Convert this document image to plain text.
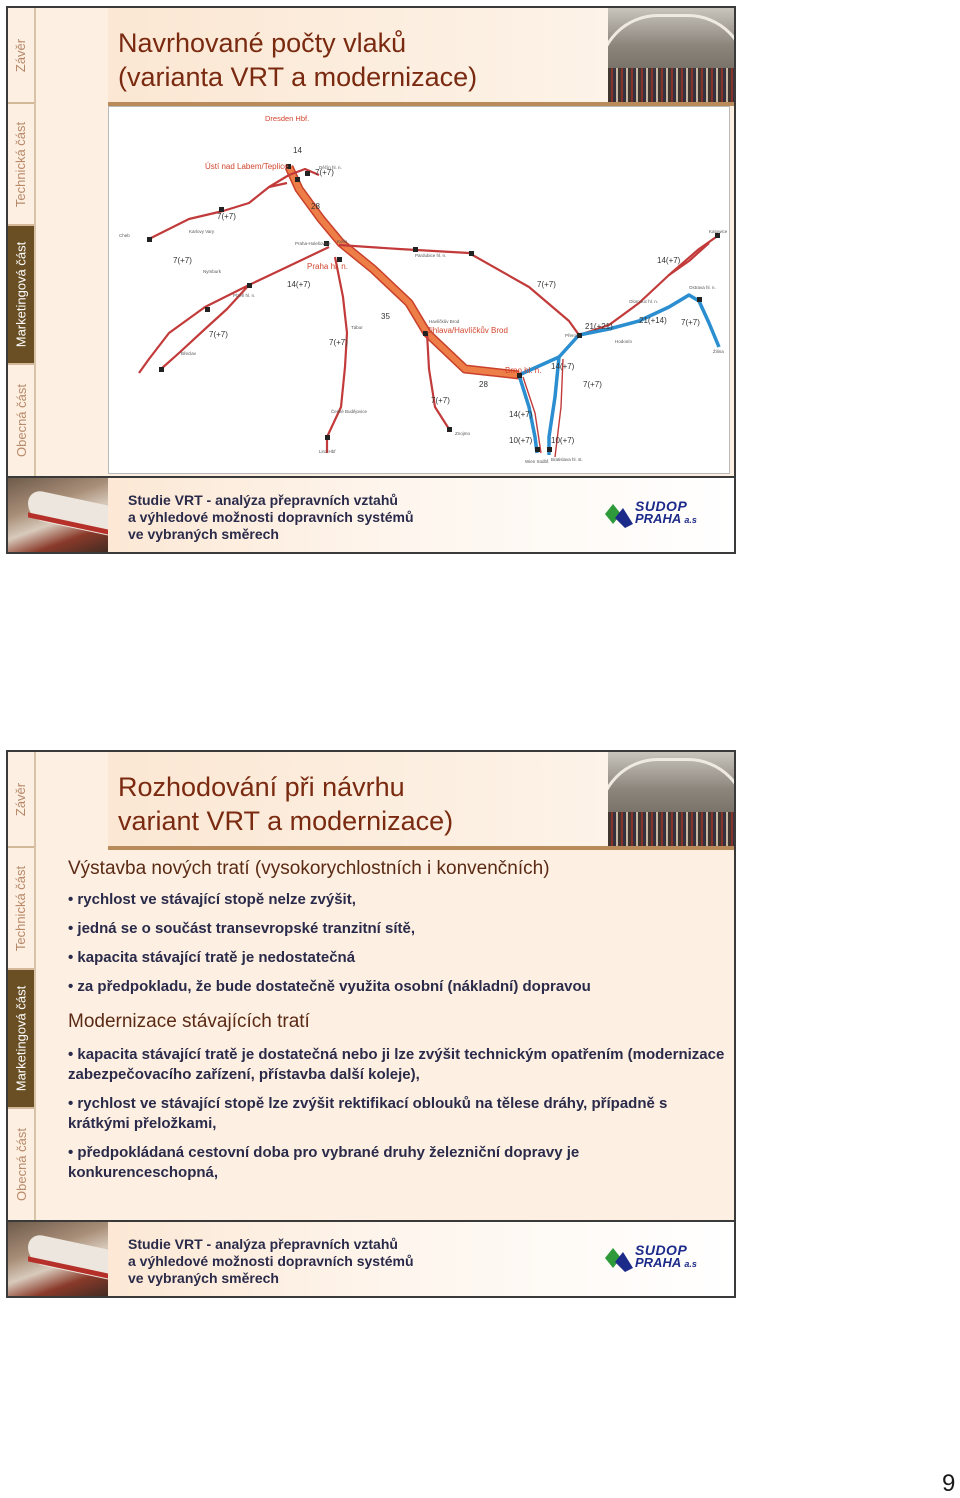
Obecná část
Marketingová část
Technická část
Závěr	Navrhované počty vlaků
(varianta VRT a modernizace)
Dresden Hbf.
Ústí nad Labem/Teplice
Praha hl. n.
Jihlava/Havlíčkův Brod
Brno hl. n.
Pardubice hl. n.
Olomouc hl. n.
Přerov
Ostrava hl. n.
Děčín hl. n.
Plzeň hl. n.
Cheb
Karlovy Vary
Havlíčkův Brod
České Budějovice
Wien Südbf. Bratislava hl. st.
Katowice
Žilina
Tábor
Linz Hbf
Znojmo
Praha-Holešovice Kolín
Nymburk
Hodonín
Břeclav
14
7(+7)
28
7(+7)
7(+7)
14(+7)
7(+7)
7(+7)
35
7(+7)
28
7(+7)
14(+7)
14(+7)
10(+7) 10(+7)
7(+7)
21(+21)
21(+14)
14(+7)
7(+7)
Studie VRT - analýza přepravních vztahů
a výhledové možnosti dopravních systémů
ve vybraných směrech
SUDOP
PRAHA a.s
Obecná část
Marketingová část
Technická část
Závěr	Rozhodování při návrhu
variant VRT a modernizace)
Výstavba nových tratí (vysokorychlostních i konvenčních)
• rychlost ve stávající stopě nelze zvýšit,
• jedná se o součást transevropské tranzitní sítě,
• kapacita stávající tratě je nedostatečná
• za předpokladu, že bude dostatečně využita osobní (nákladní) dopravou
Modernizace stávajících tratí
• kapacita stávající tratě je dostatečná nebo ji lze zvýšit technickým opatřením (modernizace zabezpečovacího zařízení, přístavba další koleje),
• rychlost ve stávající stopě lze zvýšit rektifikací oblouků na tělese dráhy, případně s krátkými přeložkami,
• předpokládaná cestovní doba pro vybrané druhy železniční dopravy je konkurenceschopná,
Studie VRT - analýza přepravních vztahů
a výhledové možnosti dopravních systémů
ve vybraných směrech
SUDOP
PRAHA a.s
9
